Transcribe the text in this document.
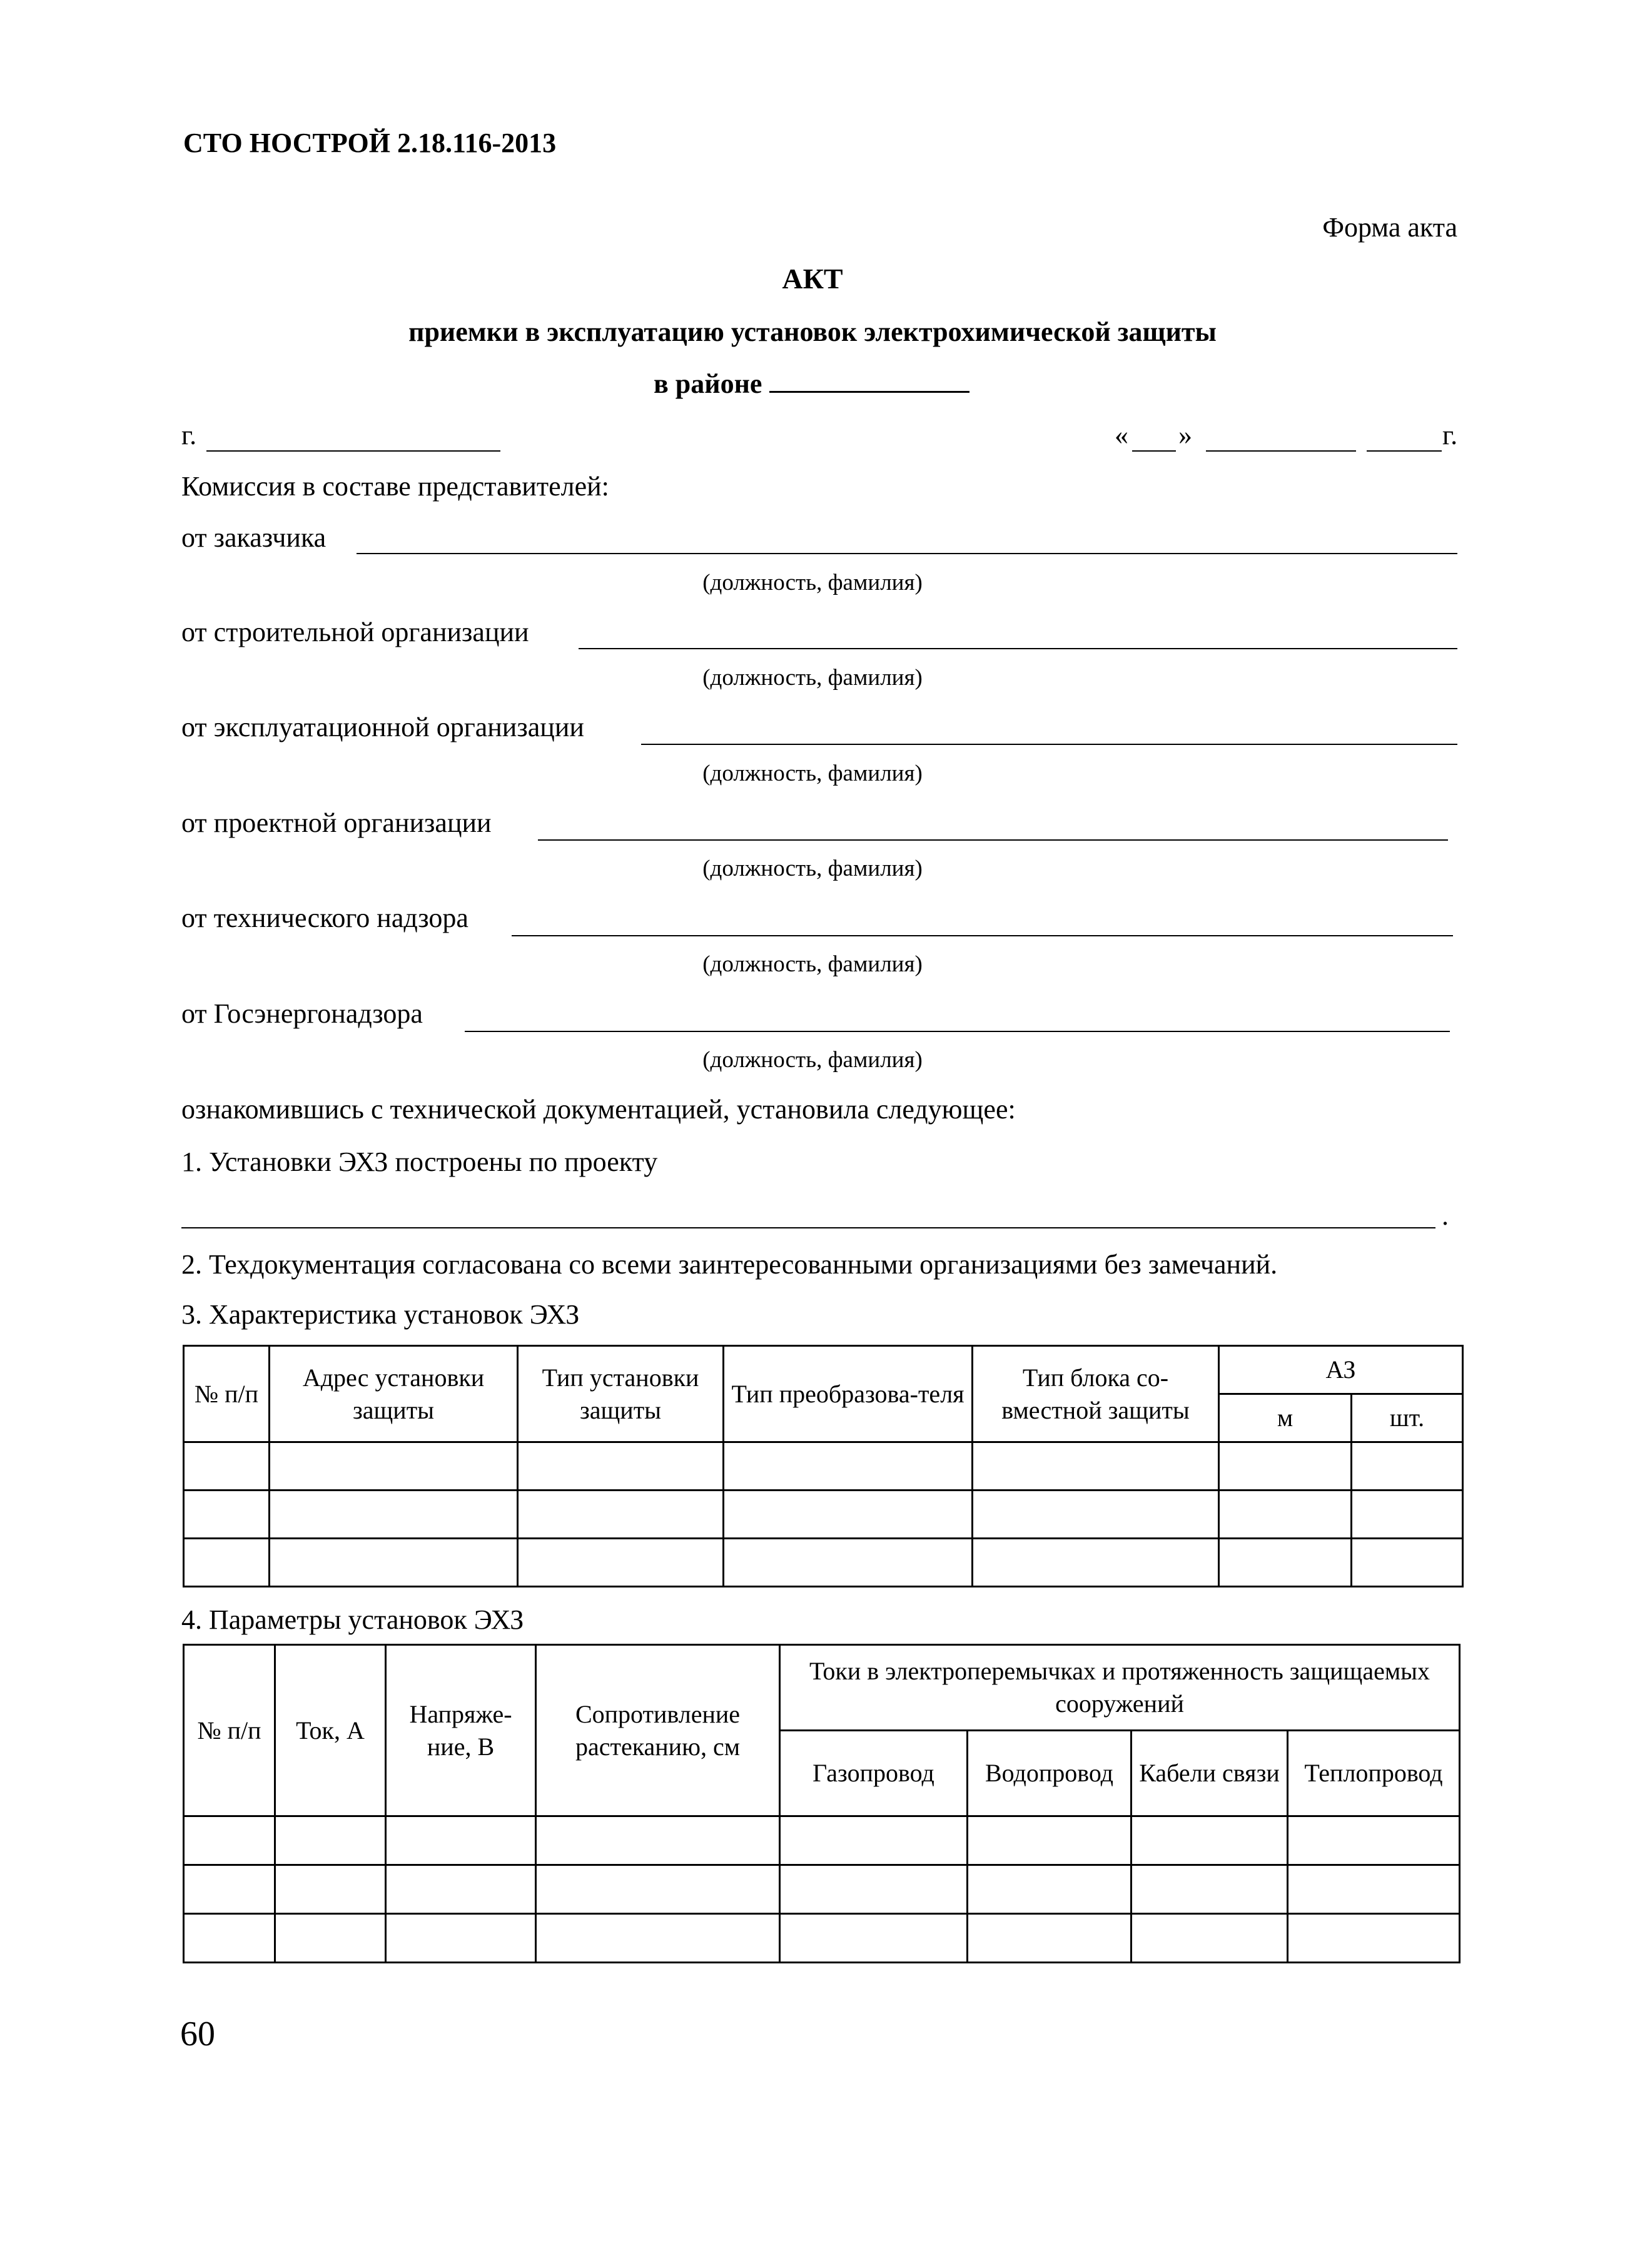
СТО НОСТРОЙ 2.18.116-2013
Форма акта
АКТ
приемки в эксплуатацию установок электрохимической защиты
в районе
г.	« »	г.
Комиссия в составе представителей:
от заказчика
(должность, фамилия)
от строительной организации
(должность, фамилия)
от эксплуатационной организации
(должность, фамилия)
от проектной организации
(должность, фамилия)
от технического надзора
(должность, фамилия)
от Госэнергонадзора
(должность, фамилия)
ознакомившись с технической документацией, установила следующее:
1. Установки ЭХЗ построены по проекту
.
2. Техдокументация согласована со всеми заинтересованными организациями без замечаний.
3. Характеристика установок ЭХЗ
№ п/п	Адрес установки защиты	Тип установки защиты	Тип преобразова-теля	Тип блока со-вместной защиты	АЗ	
					м	шт.

4. Параметры установок ЭХЗ
№ п/п	Ток, А	Напряже-ние, В	Сопротивление растеканию, см	Токи в электроперемычках и протяженность защищаемых сооружений			
				Газопровод	Водопровод	Кабели связи	Теплопровод

60
